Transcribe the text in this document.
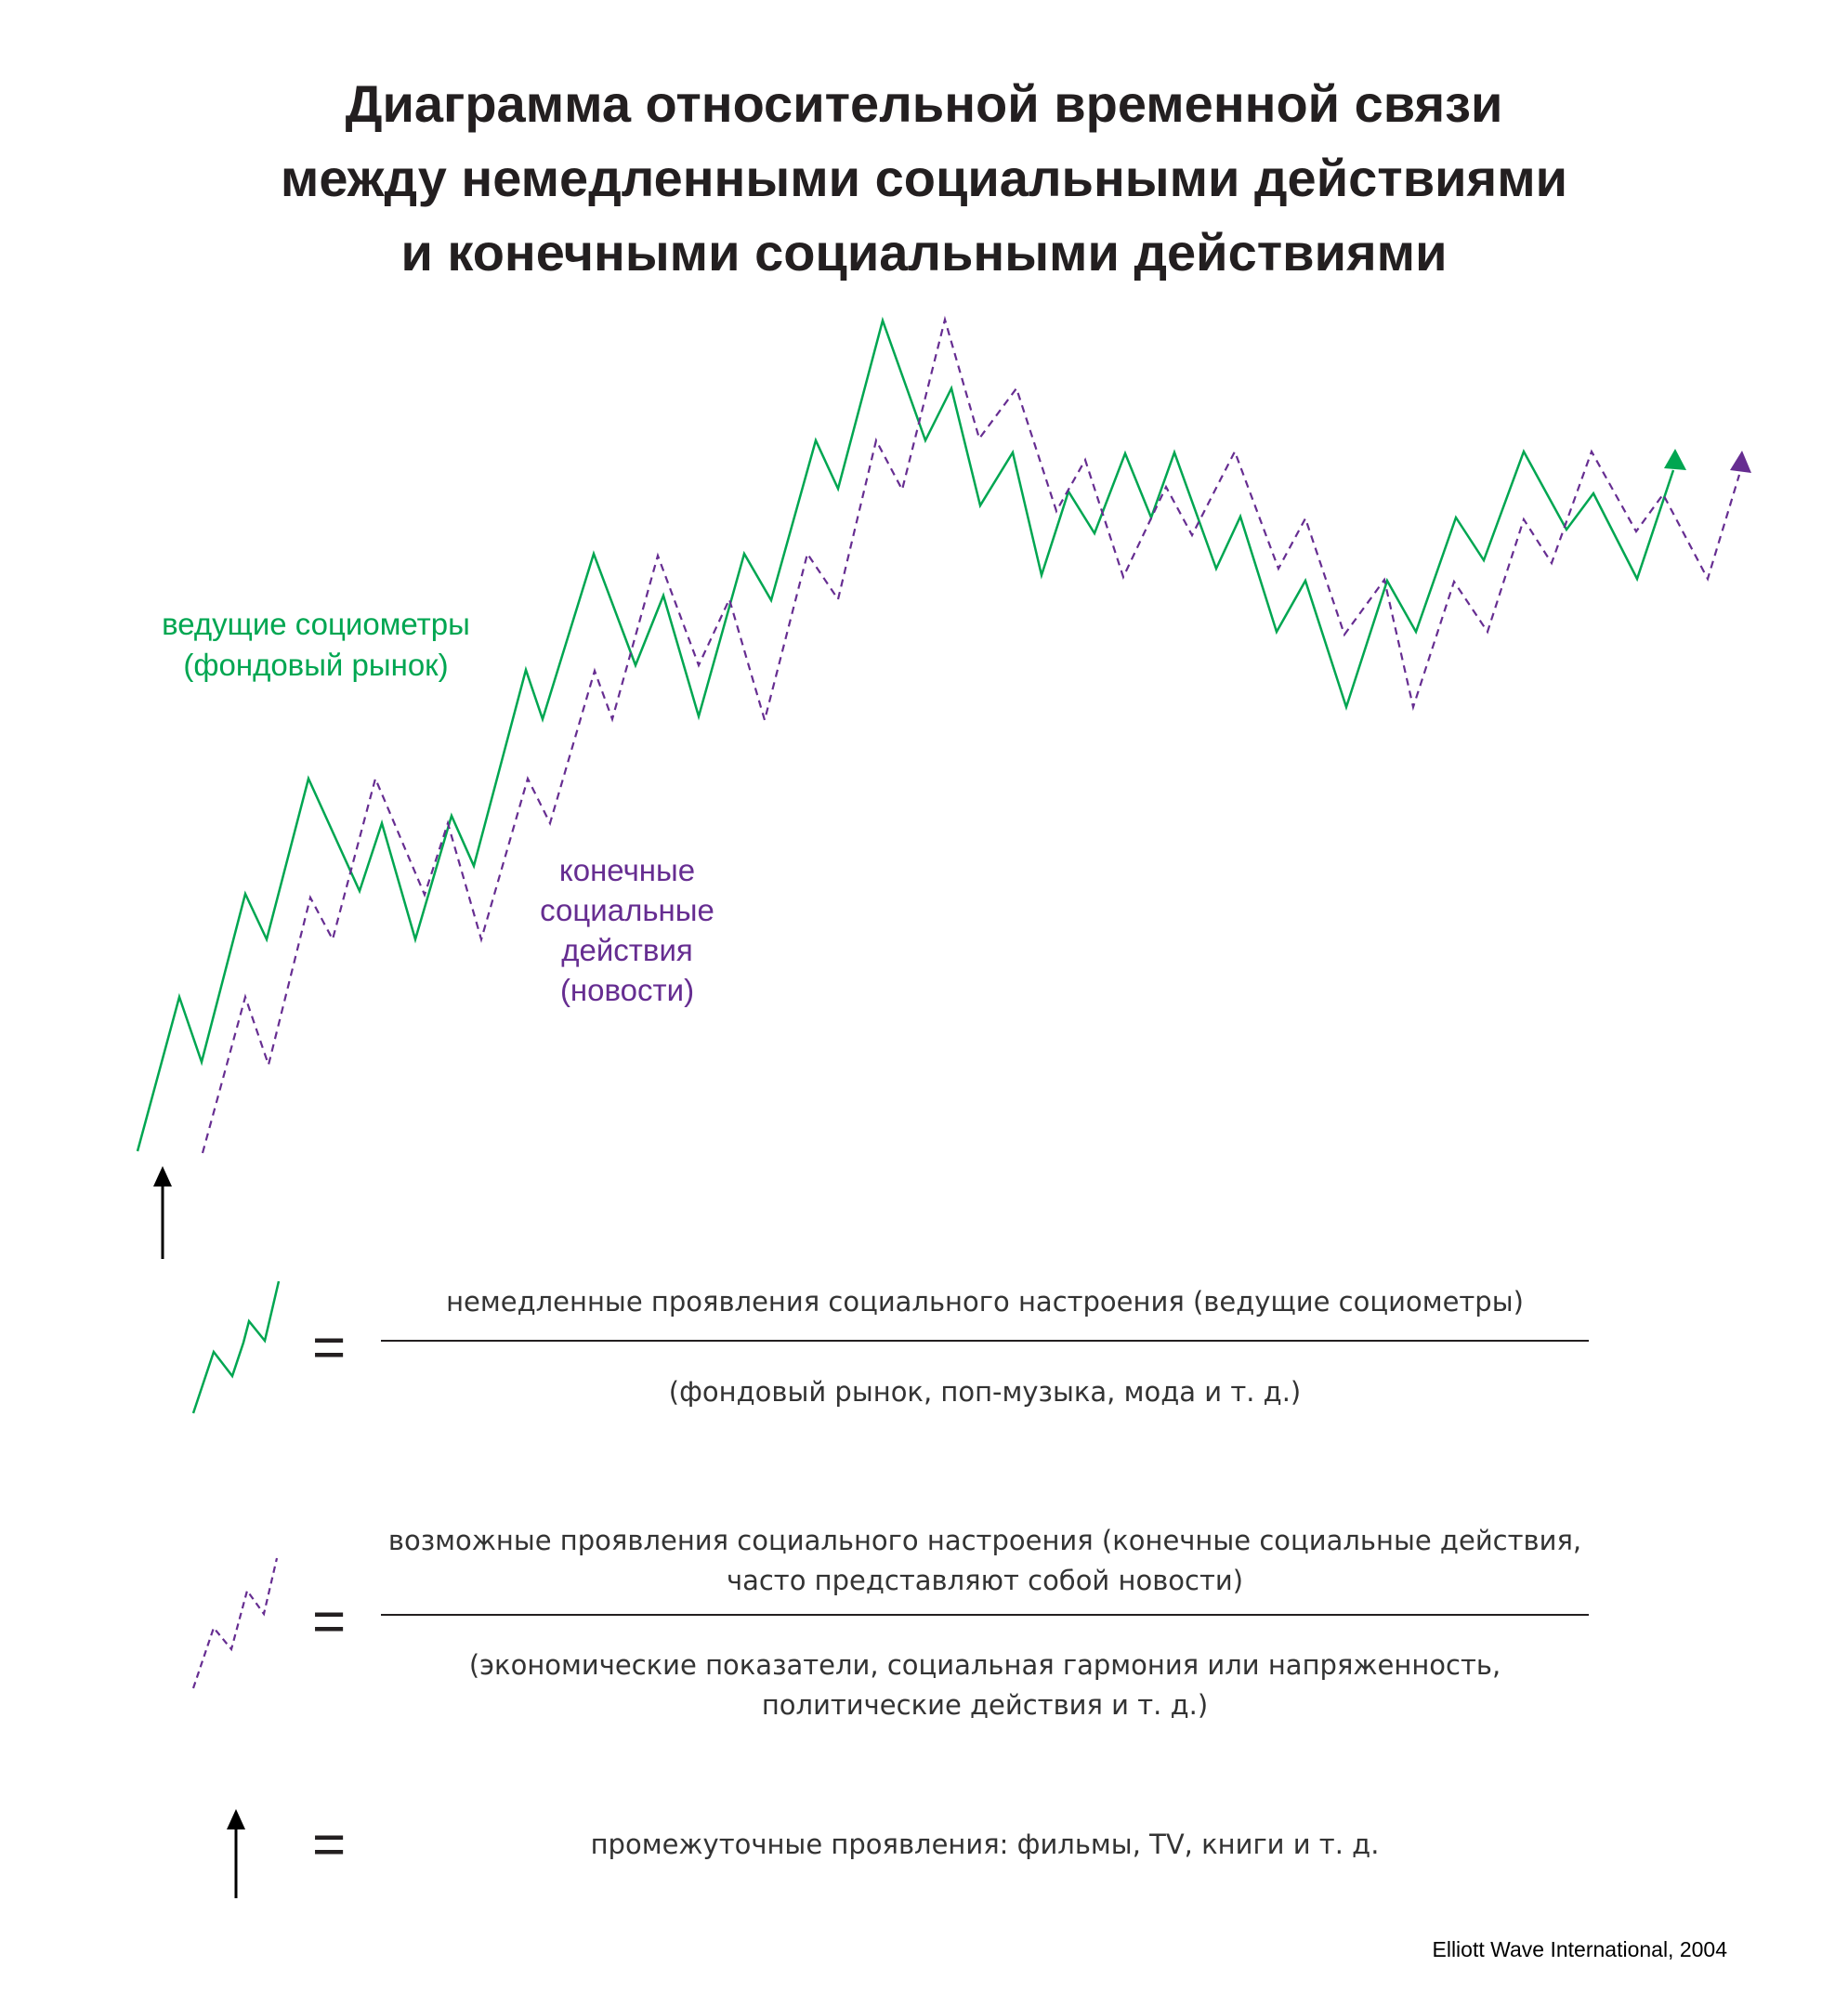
Диаграмма относительной временной связи
между немедленными социальными действиями
и конечными социальными действиями
ведущие социометры
(фондовый рынок)
конечные
социальные
действия
(новости)
=
немедленные проявления социального настроения (ведущие социометры)
(фондовый рынок, поп-музыка, мода и т. д.)
=
возможные проявления социального настроения (конечные социальные действия,
часто представляют собой новости)
(экономические показатели, социальная гармония или напряженность,
политические действия и т. д.)
=	промежуточные проявления: фильмы, TV, книги и т. д.
Elliott Wave International, 2004
